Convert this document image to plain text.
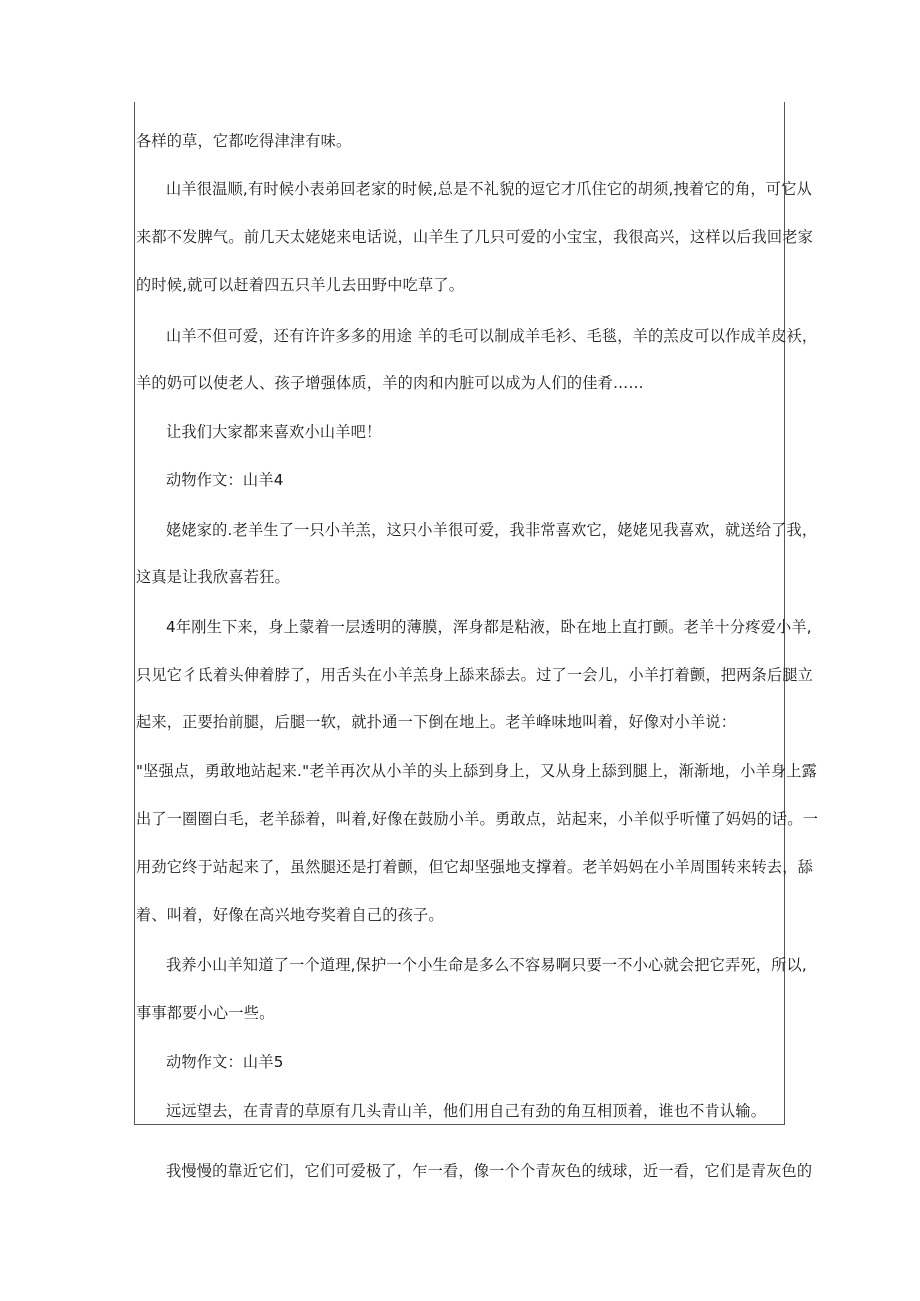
各样的草，它都吃得津津有味。
山羊很温顺,有时候小表弟回老家的时候,总是不礼貌的逗它才爪住它的胡须,拽着它的角，可它从
来都不发脾气。前几天太姥姥来电话说，山羊生了几只可爱的小宝宝，我很高兴，这样以后我回老家
的时候,就可以赶着四五只羊儿去田野中吃草了。
山羊不但可爱，还有许许多多的用途 羊的毛可以制成羊毛衫、毛毯，羊的羔皮可以作成羊皮袄，
羊的奶可以使老人、孩子增强体质，羊的肉和内脏可以成为人们的佳肴……
让我们大家都来喜欢小山羊吧！
动物作文：山羊4
姥姥家的.老羊生了一只小羊羔，这只小羊很可爱，我非常喜欢它，姥姥见我喜欢，就送给了我，
这真是让我欣喜若狂。
4年刚生下来，身上蒙着一层透明的薄膜，浑身都是粘液，卧在地上直打颤。老羊十分疼爱小羊,
只见它彳氐着头伸着脖了，用舌头在小羊羔身上舔来舔去。过了一会儿，小羊打着颤，把两条后腿立
起来，正要抬前腿，后腿一软，就扑通一下倒在地上。老羊峰味地叫着，好像对小羊说：
"坚强点，勇敢地站起来."老羊再次从小羊的头上舔到身上，又从身上舔到腿上，渐渐地，小羊身上露
出了一圈圈白毛，老羊舔着，叫着,好像在鼓励小羊。勇敢点，站起来，小羊似乎听懂了妈妈的话。一
用劲它终于站起来了，虽然腿还是打着颤，但它却坚强地支撑着。老羊妈妈在小羊周围转来转去，舔
着、叫着，好像在高兴地夸奖着自己的孩子。
我养小山羊知道了一个道理,保护一个小生命是多么不容易啊只要一不小心就会把它弄死，所以,
事事都要小心一些。
动物作文：山羊5
远远望去，在青青的草原有几头青山羊，他们用自己有劲的角互相顶着，谁也不肯认输。
我慢慢的靠近它们，它们可爱极了，乍一看，像一个个青灰色的绒球，近一看，它们是青灰色的
